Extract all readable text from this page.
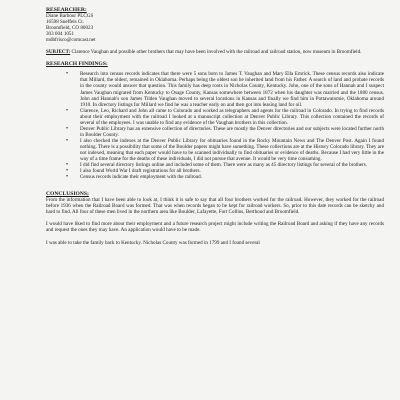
RESEARCHER:
Diane Barbour PLCGS
16598 Sneffels Ct.
Broomfield, CO 80023
303 604 1051
mdbfrisco@comcast.net
SUBJECT: Clarence Vaughan and possible other brothers that may have been involved with the railroad and railroad station, now museum in Broomfield.
RESEARCH FINDINGS:
• Research into census records indicates that there were 5 sons born to James T. Vaughan and Mary Ella Emrick. These census records also indicate that Millard, the oldest, remained in Oklahoma. Perhaps being the oldest son he inherited land from his Father. A search of land and probate records in the county would answer that question. This family has deep roots in Nicholas County, Kentucky. John, one of the sons of Hannah and I suspect James Vaughan migrated from Kentucky to Osage County, Kansas somewhere between 1872 when his daughter was married and the 1880 census. John and Hannah's son James Tilden Vaughan moved to several locations in Kansas and finally we find him in Pottawatomie, Oklahoma around 1910. In directory listings for Millard we find he was a teacher early on and then got into leasing land for oil.
• Clarence, Leo, Richard and John all came to Colorado and worked as telegraphers and agents for the railroad in Colorado. In trying to find records about their employment with the railroad I looked at a manuscript collection at Denver Public Library. This collection contained the records of several of the employees. I was unable to find any evidence of the Vaughan brothers in this collection.
• Denver Public Library has an extensive collection of directories. These are mostly the Denver directories and our subjects were located further north in Boulder County.
• I also checked the indexes at the Denver Public Library for obituaries found in the Rocky Mountain News and The Denver Post. Again I found nothing. There is a possibility that some of the Boulder papers might have something. These collections are at the History Colorado library. They are not indexed, meaning that each paper would have to be scanned individually to find obituaries or evidence of deaths. Because I had very little in the way of a time frame for the deaths of these individuals, I did not pursue that avenue. It would be very time consuming.
• I did find several directory listings online and included some of them. There were as many as 45 directory listings for several of the brothers.
• I also found World War I draft registrations for all brothers.
• Census records indicate their employment with the railroad.
CONCLUSIONS;
From the information that I have been able to look at, I think it is safe to say that all four brothers worked for the railroad. However, they worked for the railroad before 1936 when the Railroad Board was formed. That was when records began to be kept for railroad workers. So, prior to this date records can be sketchy and hard to find. All four of these men lived in the northern area like Boulder, Lafayette, Fort Collins, Berthoud and Broomfield.
I would have liked to find more about their employment and a future research project might include writing the Railroad Board and asking if they have any records and request the ones they may have. An application would have to be made.
I was able to take the family back to Kentucky. Nicholas County was formed in 1799 and I found several
